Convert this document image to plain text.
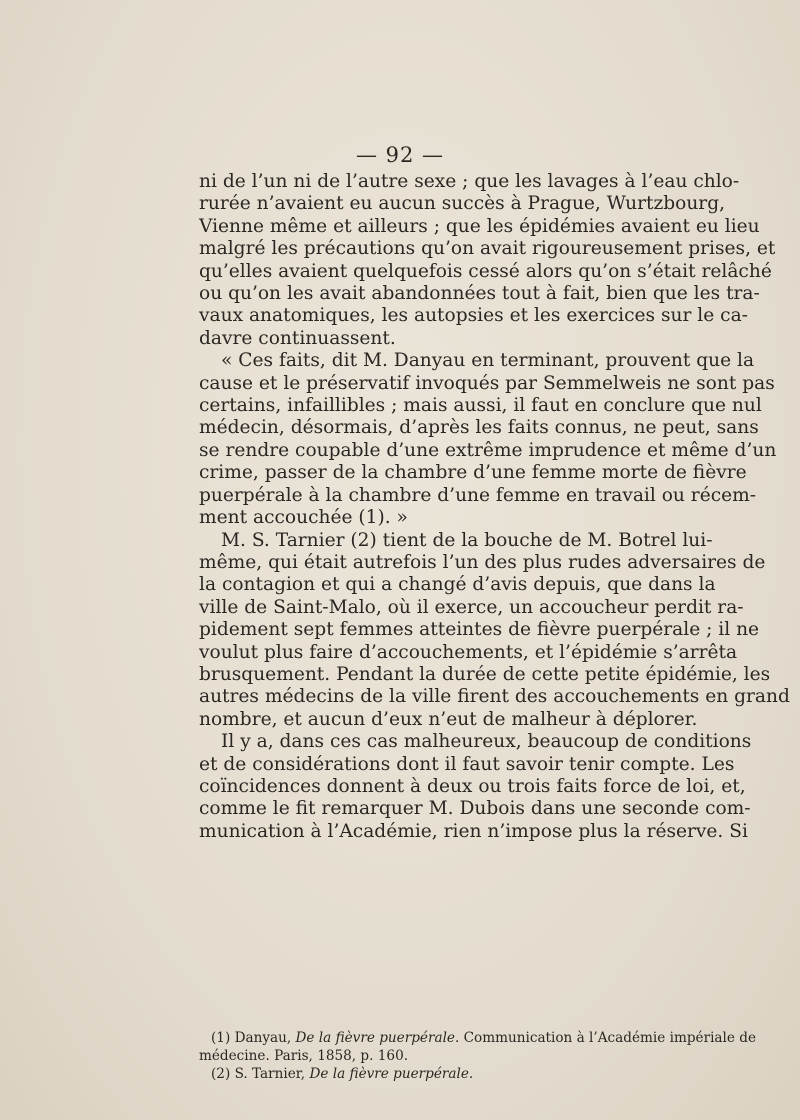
— 92 —
ni de l’un ni de l’autre sexe ; que les lavages à l’eau chlo-
rurée n’avaient eu aucun succès à Prague, Wurtzbourg,
Vienne même et ailleurs ; que les épidémies avaient eu lieu
malgré les précautions qu’on avait rigoureusement prises, et
qu’elles avaient quelquefois cessé alors qu’on s’était relâché
ou qu’on les avait abandonnées tout à fait, bien que les tra-
vaux anatomiques, les autopsies et les exercices sur le ca-
davre continuassent.
« Ces faits, dit M. Danyau en terminant, prouvent que la
cause et le préservatif invoqués par Semmelweis ne sont pas
certains, infaillibles ; mais aussi, il faut en conclure que nul
médecin, désormais, d’après les faits connus, ne peut, sans
se rendre coupable d’une extrême imprudence et même d’un
crime, passer de la chambre d’une femme morte de fièvre
puerpérale à la chambre d’une femme en travail ou récem-
ment accouchée (1). »
M. S. Tarnier (2) tient de la bouche de M. Botrel lui-
même, qui était autrefois l’un des plus rudes adversaires de
la contagion et qui a changé d’avis depuis, que dans la
ville de Saint-Malo, où il exerce, un accoucheur perdit ra-
pidement sept femmes atteintes de fièvre puerpérale ; il ne
voulut plus faire d’accouchements, et l’épidémie s’arrêta
brusquement. Pendant la durée de cette petite épidémie, les
autres médecins de la ville firent des accouchements en grand
nombre, et aucun d’eux n’eut de malheur à déplorer.
Il y a, dans ces cas malheureux, beaucoup de conditions
et de considérations dont il faut savoir tenir compte. Les
coïncidences donnent à deux ou trois faits force de loi, et,
comme le fit remarquer M. Dubois dans une seconde com-
munication à l’Académie, rien n’impose plus la réserve. Si
(1) Danyau, De la fièvre puerpérale. Communication à l’Académie impériale de
médecine. Paris, 1858, p. 160.
(2) S. Tarnier, De la fièvre puerpérale.
